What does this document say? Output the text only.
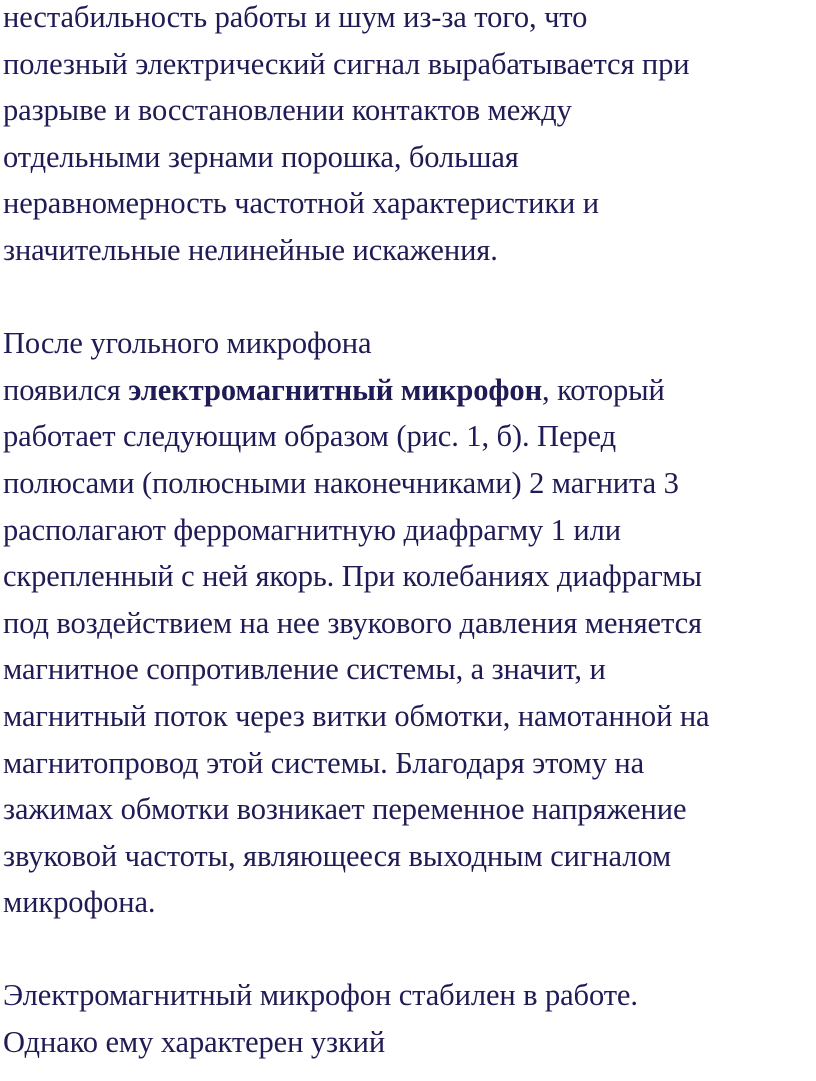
нестабильность работы и шум из-за того, что
полезный электрический сигнал вырабатывается при
разрыве и восстановлении контактов между
отдельными зернами порошка, большая
неравномерность частотной характеристики и
значительные нелинейные искажения.

После угольного микрофона
появился электромагнитный микрофон, который
работает следующим образом (рис. 1, б). Перед
полюсами (полюсными наконечниками) 2 магнита 3
располагают ферромагнитную диафрагму 1 или
скрепленный с ней якорь. При колебаниях диафрагмы
под воздействием на нее звукового давления меняется
магнитное сопротивление системы, а значит, и
магнитный поток через витки обмотки, намотанной на
магнитопровод этой системы. Благодаря этому на
зажимах обмотки возникает переменное напряжение
звуковой частоты, являющееся выходным сигналом
микрофона.

Электромагнитный микрофон стабилен в работе.
Однако ему характерен узкий
